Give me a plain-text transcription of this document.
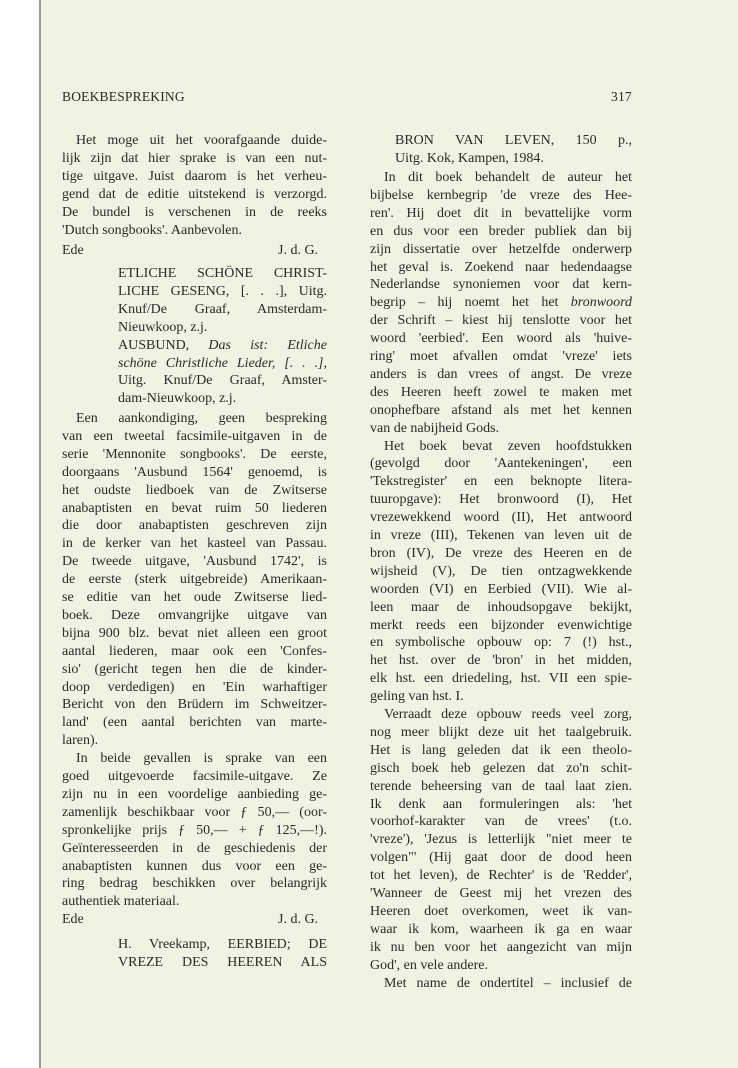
BOEKBESPREKING	317
Ede	J. d. G.
Ede	J. d. G.
Het moge uit het voorafgaande duide-
lijk zijn dat hier sprake is van een nut-
tige uitgave. Juist daarom is het verheu-
gend dat de editie uitstekend is verzorgd.
De bundel is verschenen in de reeks
'Dutch songbooks'. Aanbevolen.
ETLICHE SCHÖNE CHRIST-
LICHE GESENG, [. . .], Uitg.
Knuf/De Graaf, Amsterdam-
Nieuwkoop, z.j.
AUSBUND, Das ist: Etliche
schöne Christliche Lieder, [. . .],
Uitg. Knuf/De Graaf, Amster-
dam-Nieuwkoop, z.j.
Een aankondiging, geen bespreking
van een tweetal facsimile-uitgaven in de
serie 'Mennonite songbooks'. De eerste,
doorgaans 'Ausbund 1564' genoemd, is
het oudste liedboek van de Zwitserse
anabaptisten en bevat ruim 50 liederen
die door anabaptisten geschreven zijn
in de kerker van het kasteel van Passau.
De tweede uitgave, 'Ausbund 1742', is
de eerste (sterk uitgebreide) Amerikaan-
se editie van het oude Zwitserse lied-
boek. Deze omvangrijke uitgave van
bijna 900 blz. bevat niet alleen een groot
aantal liederen, maar ook een 'Confes-
sio' (gericht tegen hen die de kinder-
doop verdedigen) en 'Ein warhaftiger
Bericht von den Brüdern im Schweitzer-
land' (een aantal berichten van marte-
laren).
In beide gevallen is sprake van een
goed uitgevoerde facsimile-uitgave. Ze
zijn nu in een voordelige aanbieding ge-
zamenlijk beschikbaar voor ƒ 50,— (oor-
spronkelijke prijs ƒ 50,— + ƒ 125,—!).
Geïnteresseerden in de geschiedenis der
anabaptisten kunnen dus voor een ge-
ring bedrag beschikken over belangrijk
authentiek materiaal.
H. Vreekamp, EERBIED; DE
VREZE DES HEEREN ALS
BRON VAN LEVEN, 150 p.,
Uitg. Kok, Kampen, 1984.
In dit boek behandelt de auteur het
bijbelse kernbegrip 'de vreze des Hee-
ren'. Hij doet dit in bevattelijke vorm
en dus voor een breder publiek dan bij
zijn dissertatie over hetzelfde onderwerp
het geval is. Zoekend naar hedendaagse
Nederlandse synoniemen voor dat kern-
begrip – hij noemt het het bronwoord
der Schrift – kiest hij tenslotte voor het
woord 'eerbied'. Een woord als 'huive-
ring' moet afvallen omdat 'vreze' iets
anders is dan vrees of angst. De vreze
des Heeren heeft zowel te maken met
onophefbare afstand als met het kennen
van de nabijheid Gods.
Het boek bevat zeven hoofdstukken
(gevolgd door 'Aantekeningen', een
'Tekstregister' en een beknopte litera-
tuuropgave): Het bronwoord (I), Het
vrezewekkend woord (II), Het antwoord
in vreze (III), Tekenen van leven uit de
bron (IV), De vreze des Heeren en de
wijsheid (V), De tien ontzagwekkende
woorden (VI) en Eerbied (VII). Wie al-
leen maar de inhoudsopgave bekijkt,
merkt reeds een bijzonder evenwichtige
en symbolische opbouw op: 7 (!) hst.,
het hst. over de 'bron' in het midden,
elk hst. een driedeling, hst. VII een spie-
geling van hst. I.
Verraadt deze opbouw reeds veel zorg,
nog meer blijkt deze uit het taalgebruik.
Het is lang geleden dat ik een theolo-
gisch boek heb gelezen dat zo'n schit-
terende beheersing van de taal laat zien.
Ik denk aan formuleringen als: 'het
voorhof-karakter van de vrees' (t.o.
'vreze'), 'Jezus is letterlijk "niet meer te
volgen"' (Hij gaat door de dood heen
tot het leven), de Rechter' is de 'Redder',
'Wanneer de Geest mij het vrezen des
Heeren doet overkomen, weet ik van-
waar ik kom, waarheen ik ga en waar
ik nu ben voor het aangezicht van mijn
God', en vele andere.
Met name de ondertitel – inclusief de
